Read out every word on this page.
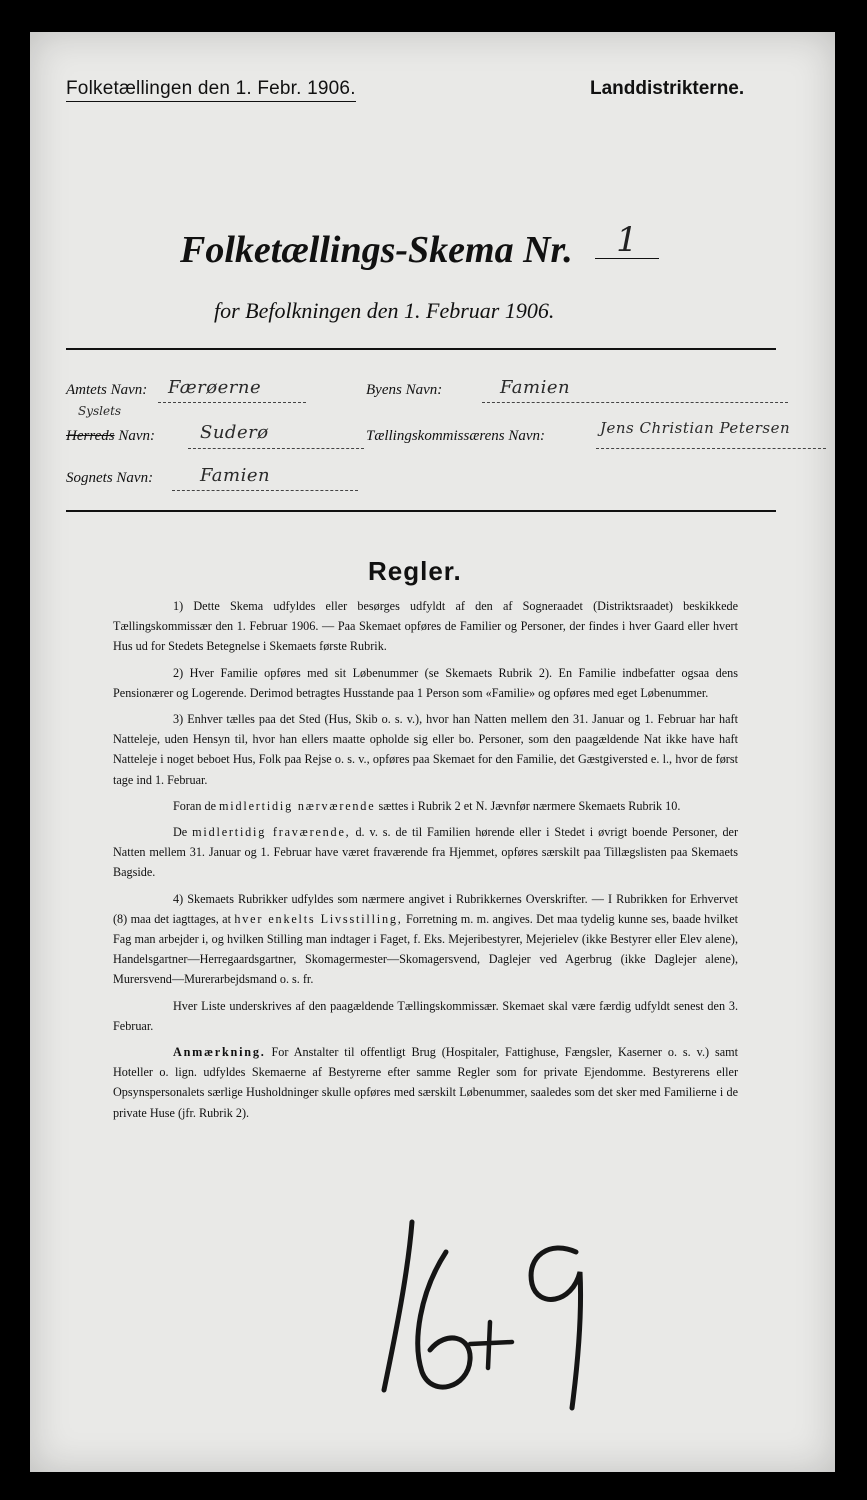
Folketællingen den 1. Febr. 1906.	Landdistrikterne.
Folketællings-Skema Nr.	1
for Befolkningen den 1. Februar 1906.
Amtets Navn: Færøerne	Byens Navn:	Famien
Syslets
Herreds Navn: Suderø	Tællingskommissærens Navn:	Jens Christian Petersen
Sognets Navn:	Famien
Regler.

1) Dette Skema udfyldes eller besørges udfyldt af den af Sogneraadet (Distriktsraadet) beskikkede Tællingskommissær den 1. Februar 1906. — Paa Skemaet opføres de Familier og Personer, der findes i hver Gaard eller hvert Hus ud for Stedets Betegnelse i Skemaets første Rubrik.

2) Hver Familie opføres med sit Løbenummer (se Skemaets Rubrik 2). En Familie indbefatter ogsaa dens Pensionærer og Logerende. Derimod betragtes Husstande paa 1 Person som «Familie» og opføres med eget Løbenummer.

3) Enhver tælles paa det Sted (Hus, Skib o. s. v.), hvor han Natten mellem den 31. Januar og 1. Februar har haft Natteleje, uden Hensyn til, hvor han ellers maatte opholde sig eller bo. Personer, som den paagældende Nat ikke have haft Natteleje i noget beboet Hus, Folk paa Rejse o. s. v., opføres paa Skemaet for den Familie, det Gæstgiversted e. l., hvor de først tage ind 1. Februar.

Foran de midlertidig nærværende sættes i Rubrik 2 et N. Jævnfør nærmere Skemaets Rubrik 10.

De midlertidig fraværende, d. v. s. de til Familien hørende eller i Stedet i øvrigt boende Personer, der Natten mellem 31. Januar og 1. Februar have været fraværende fra Hjemmet, opføres særskilt paa Tillægslisten paa Skemaets Bagside.

4) Skemaets Rubrikker udfyldes som nærmere angivet i Rubrikkernes Overskrifter. — I Rubrikken for Erhvervet (8) maa det iagttages, at hver enkelts Livsstilling, Forretning m. m. angives. Det maa tydelig kunne ses, baade hvilket Fag man arbejder i, og hvilken Stilling man indtager i Faget, f. Eks. Mejeribestyrer, Mejerielev (ikke Bestyrer eller Elev alene), Handelsgartner—Herregaardsgartner, Skomagermester—Skomagersvend, Daglejer ved Agerbrug (ikke Daglejer alene), Murersvend—Murerarbejdsmand o. s. fr.

Hver Liste underskrives af den paagældende Tællingskommissær. Skemaet skal være færdig udfyldt senest den 3. Februar.

Anmærkning. For Anstalter til offentligt Brug (Hospitaler, Fattighuse, Fængsler, Kaserner o. s. v.) samt Hoteller o. lign. udfyldes Skemaerne af Bestyrerne efter samme Regler som for private Ejendomme. Bestyrerens eller Opsynspersonalets særlige Husholdninger skulle opføres med særskilt Løbenummer, saaledes som det sker med Familierne i de private Huse (jfr. Rubrik 2).
